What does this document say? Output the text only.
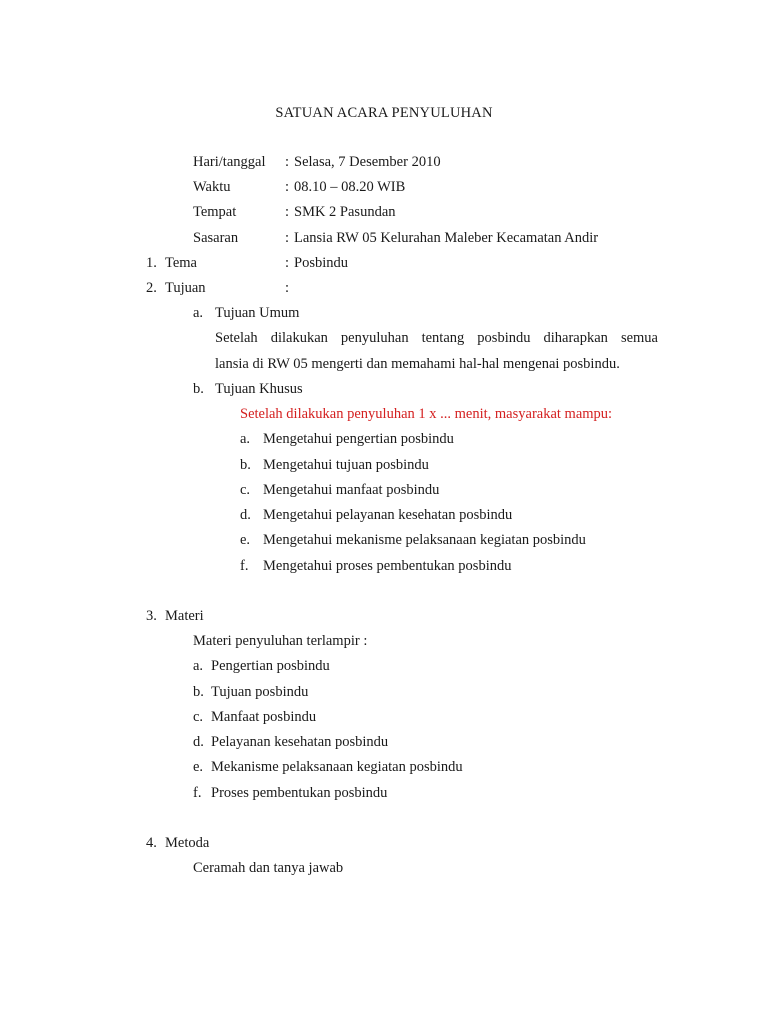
SATUAN ACARA PENYULUHAN
Hari/tanggal : Selasa, 7 Desember 2010
Waktu	: 08.10 – 08.20 WIB
Tempat	: SMK 2 Pasundan
Sasaran	: Lansia RW 05 Kelurahan Maleber Kecamatan Andir
1. Tema	: Posbindu
2. Tujuan	:
a. Tujuan Umum
Setelah dilakukan penyuluhan tentang posbindu diharapkan semua
lansia di RW 05 mengerti dan memahami hal-hal mengenai posbindu.
b. Tujuan Khusus
Setelah dilakukan penyuluhan 1 x ... menit, masyarakat mampu:
a. Mengetahui pengertian posbindu
b. Mengetahui tujuan posbindu
c. Mengetahui manfaat posbindu
d. Mengetahui pelayanan kesehatan posbindu
e. Mengetahui mekanisme pelaksanaan kegiatan posbindu
f. Mengetahui proses pembentukan posbindu
3. Materi
Materi penyuluhan terlampir :
a. Pengertian posbindu
b. Tujuan posbindu
c. Manfaat posbindu
d. Pelayanan kesehatan posbindu
e. Mekanisme pelaksanaan kegiatan posbindu
f. Proses pembentukan posbindu
4. Metoda
Ceramah dan tanya jawab
